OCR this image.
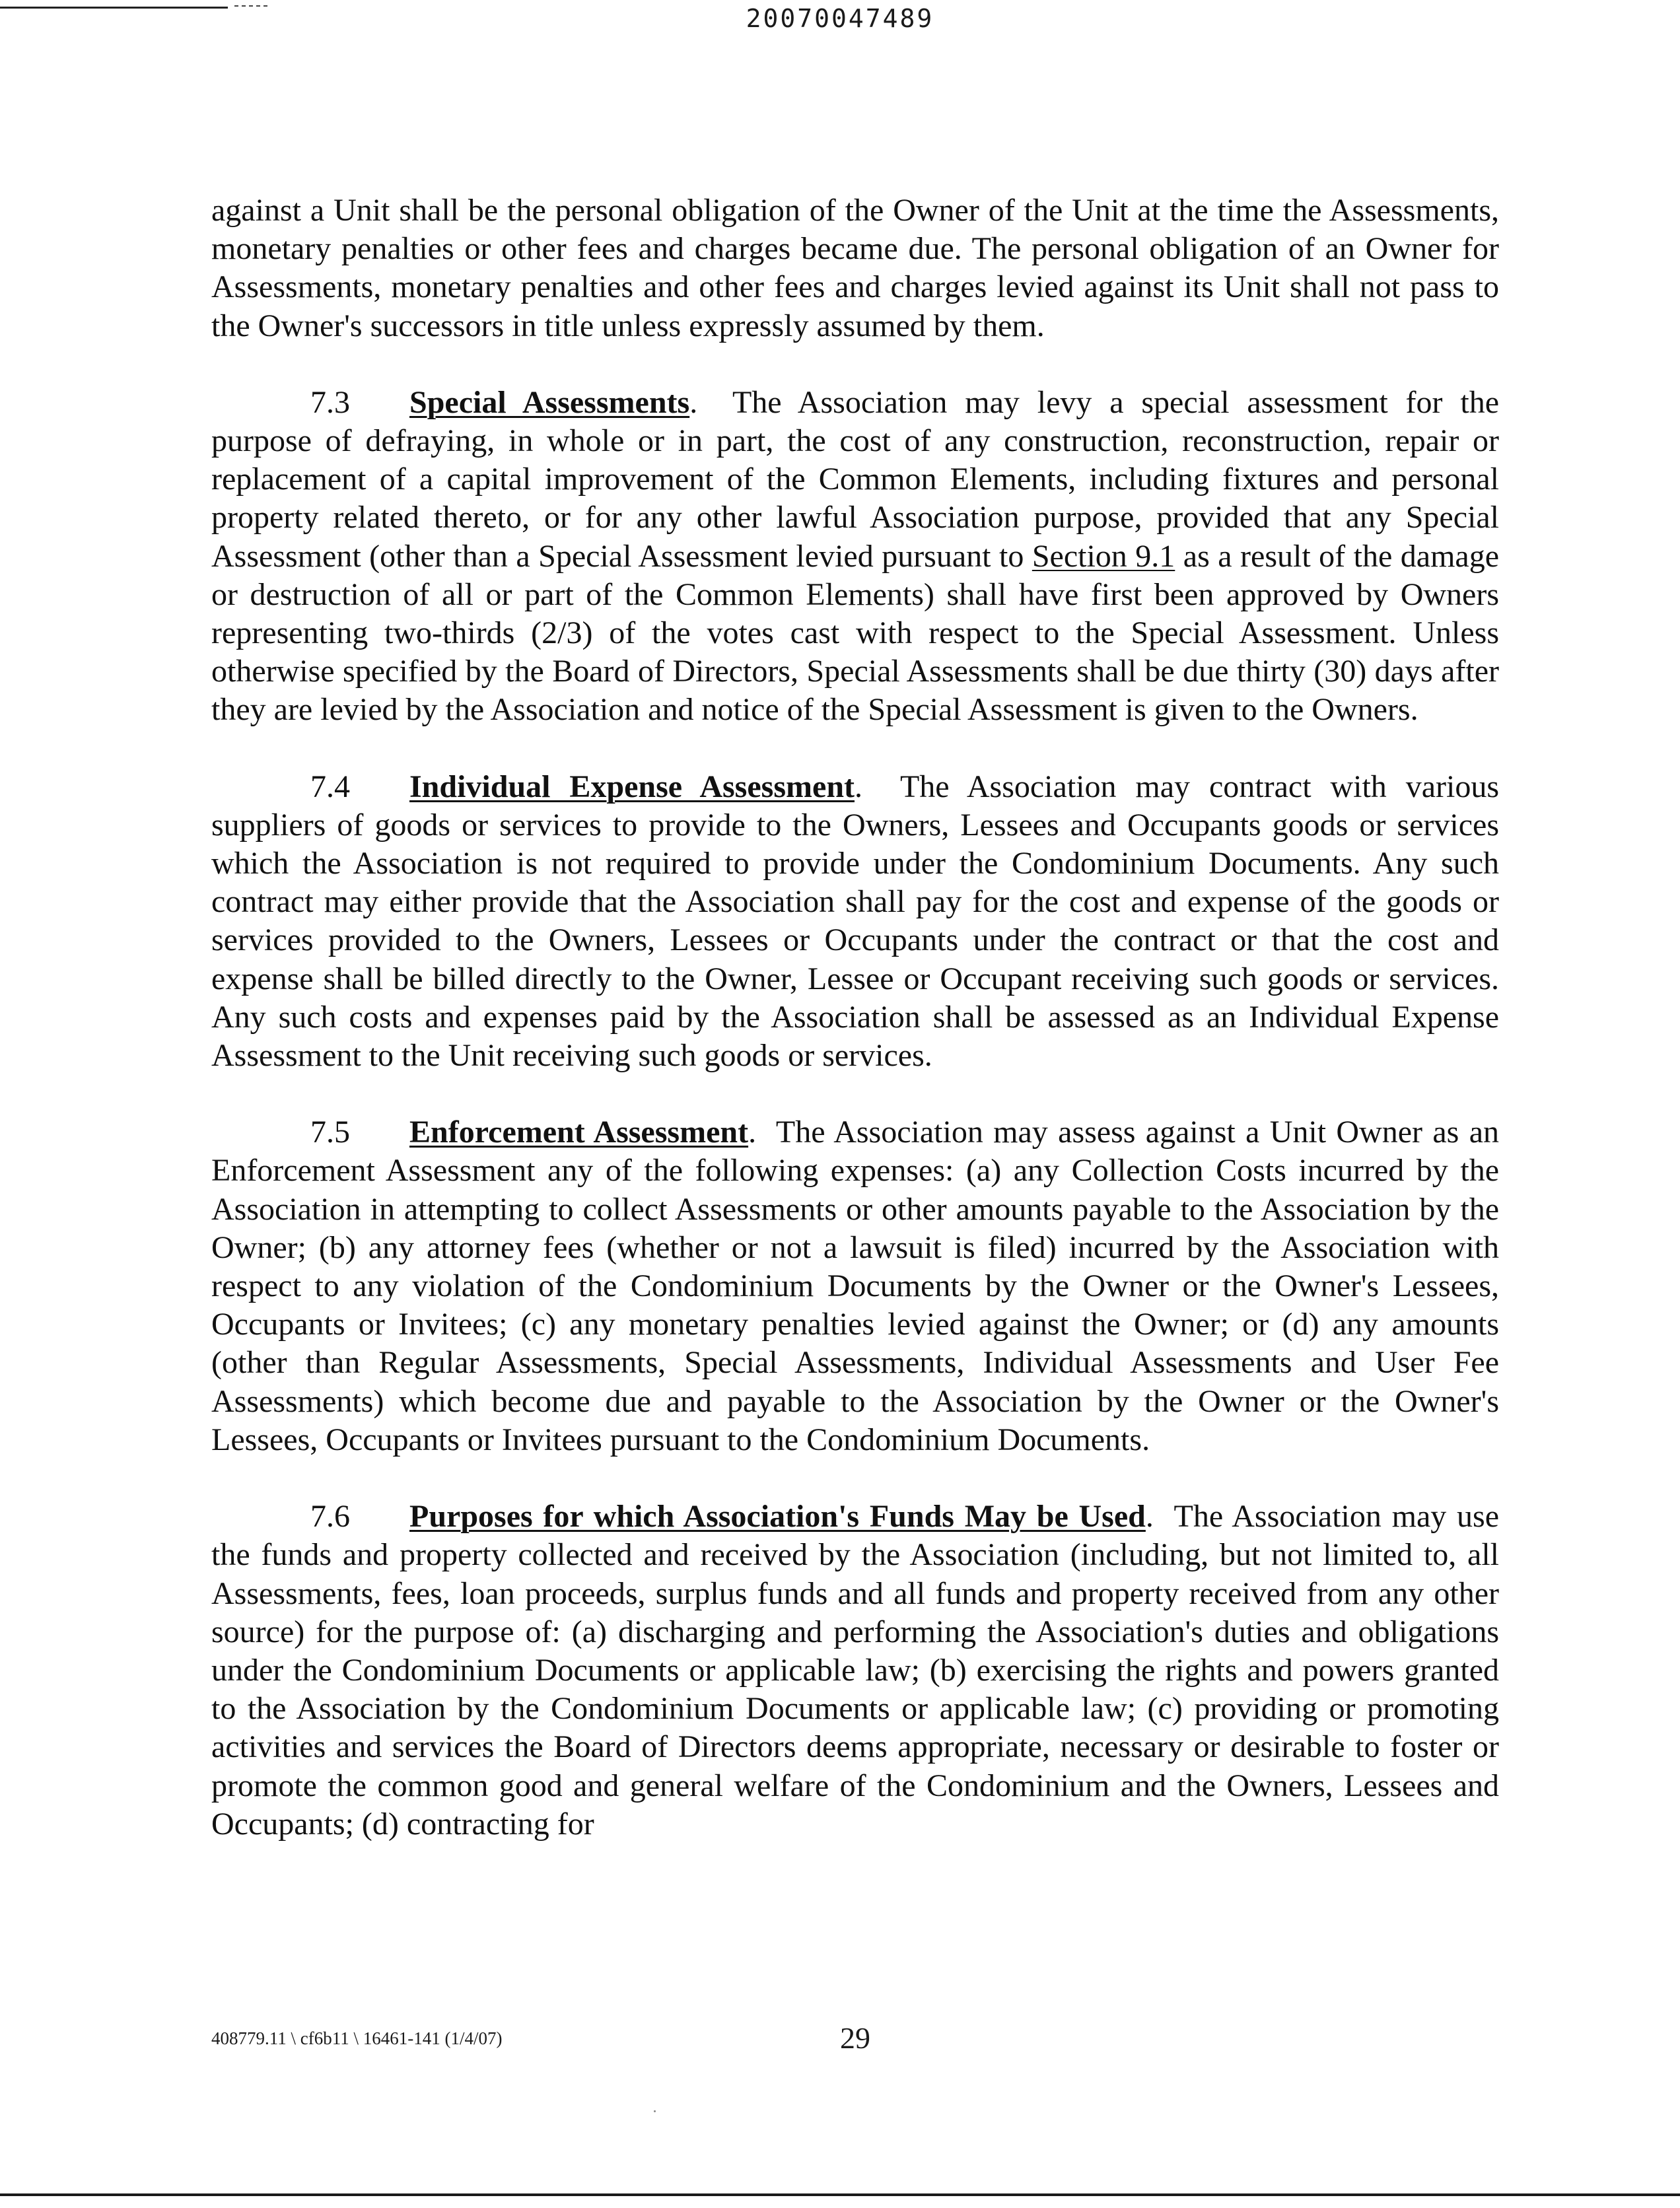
20070047489

against a Unit shall be the personal obligation of the Owner of the Unit at the time the Assessments, monetary penalties or other fees and charges became due. The personal obligation of an Owner for Assessments, monetary penalties and other fees and charges levied against its Unit shall not pass to the Owner's successors in title unless expressly assumed by them.

7.3 Special Assessments.  The Association may levy a special assessment for the purpose of defraying, in whole or in part, the cost of any construction, reconstruction, repair or replacement of a capital improvement of the Common Elements, including fixtures and personal property related thereto, or for any other lawful Association purpose, provided that any Special Assessment (other than a Special Assessment levied pursuant to Section 9.1 as a result of the damage or destruction of all or part of the Common Elements) shall have first been approved by Owners representing two-thirds (2/3) of the votes cast with respect to the Special Assessment. Unless otherwise specified by the Board of Directors, Special Assessments shall be due thirty (30) days after they are levied by the Association and notice of the Special Assessment is given to the Owners.

7.4 Individual Expense Assessment.  The Association may contract with various suppliers of goods or services to provide to the Owners, Lessees and Occupants goods or services which the Association is not required to provide under the Condominium Documents. Any such contract may either provide that the Association shall pay for the cost and expense of the goods or services provided to the Owners, Lessees or Occupants under the contract or that the cost and expense shall be billed directly to the Owner, Lessee or Occupant receiving such goods or services. Any such costs and expenses paid by the Association shall be assessed as an Individual Expense Assessment to the Unit receiving such goods or services.

7.5 Enforcement Assessment.  The Association may assess against a Unit Owner as an Enforcement Assessment any of the following expenses: (a) any Collection Costs incurred by the Association in attempting to collect Assessments or other amounts payable to the Association by the Owner; (b) any attorney fees (whether or not a lawsuit is filed) incurred by the Association with respect to any violation of the Condominium Documents by the Owner or the Owner's Lessees, Occupants or Invitees; (c) any monetary penalties levied against the Owner; or (d) any amounts (other than Regular Assessments, Special Assessments, Individual Assessments and User Fee Assessments) which become due and payable to the Association by the Owner or the Owner's Lessees, Occupants or Invitees pursuant to the Condominium Documents.

7.6 Purposes for which Association's Funds May be Used.  The Association may use the funds and property collected and received by the Association (including, but not limited to, all Assessments, fees, loan proceeds, surplus funds and all funds and property received from any other source) for the purpose of: (a) discharging and performing the Association's duties and obligations under the Condominium Documents or applicable law; (b) exercising the rights and powers granted to the Association by the Condominium Documents or applicable law; (c) providing or promoting activities and services the Board of Directors deems appropriate, necessary or desirable to foster or promote the common good and general welfare of the Condominium and the Owners, Lessees and Occupants; (d) contracting for

408779.11 \ cf6b11 \ 16461-141 (1/4/07)	29
